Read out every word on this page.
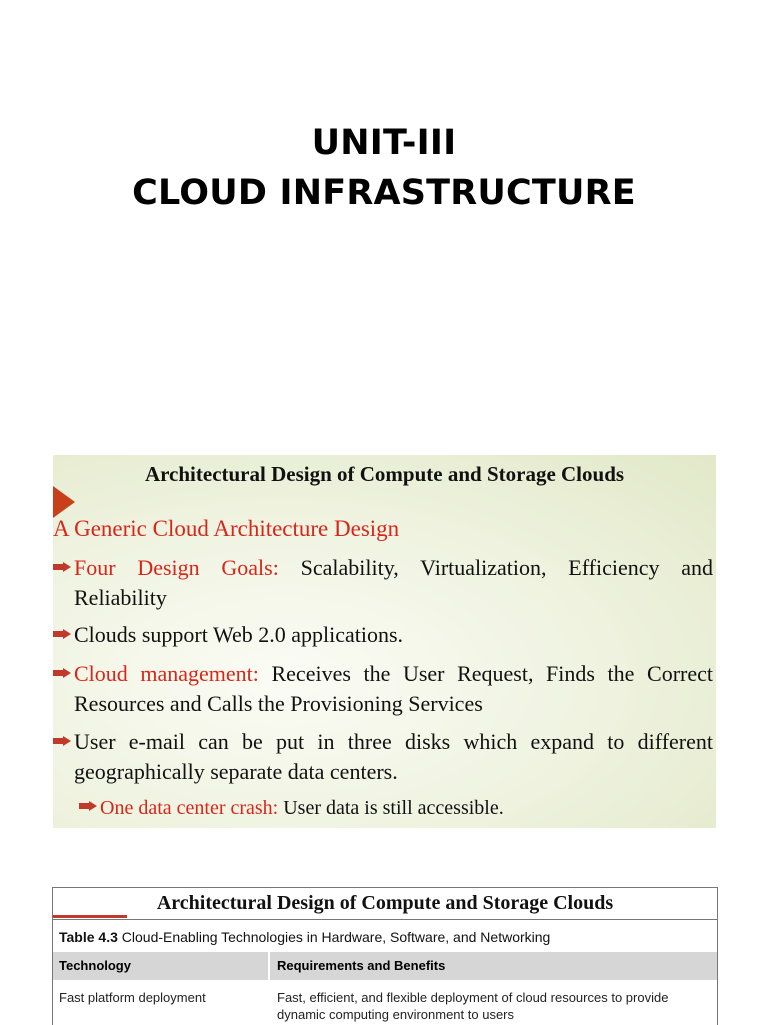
UNIT-III
CLOUD INFRASTRUCTURE
Architectural Design of Compute and Storage Clouds
A Generic Cloud Architecture Design
Four Design Goals: Scalability, Virtualization, Efficiency and
Reliability
Clouds support Web 2.0 applications.
Cloud management: Receives the User Request, Finds the Correct
Resources and Calls the Provisioning Services
User e-mail can be put in three disks which expand to different
geographically separate data centers.
One data center crash: User data is still accessible.
Architectural Design of Compute and Storage Clouds
Table 4.3 Cloud-Enabling Technologies in Hardware, Software, and Networking
Technology	Requirements and Benefits
Fast platform deployment	Fast, efficient, and flexible deployment of cloud resources to provide
dynamic computing environment to users
